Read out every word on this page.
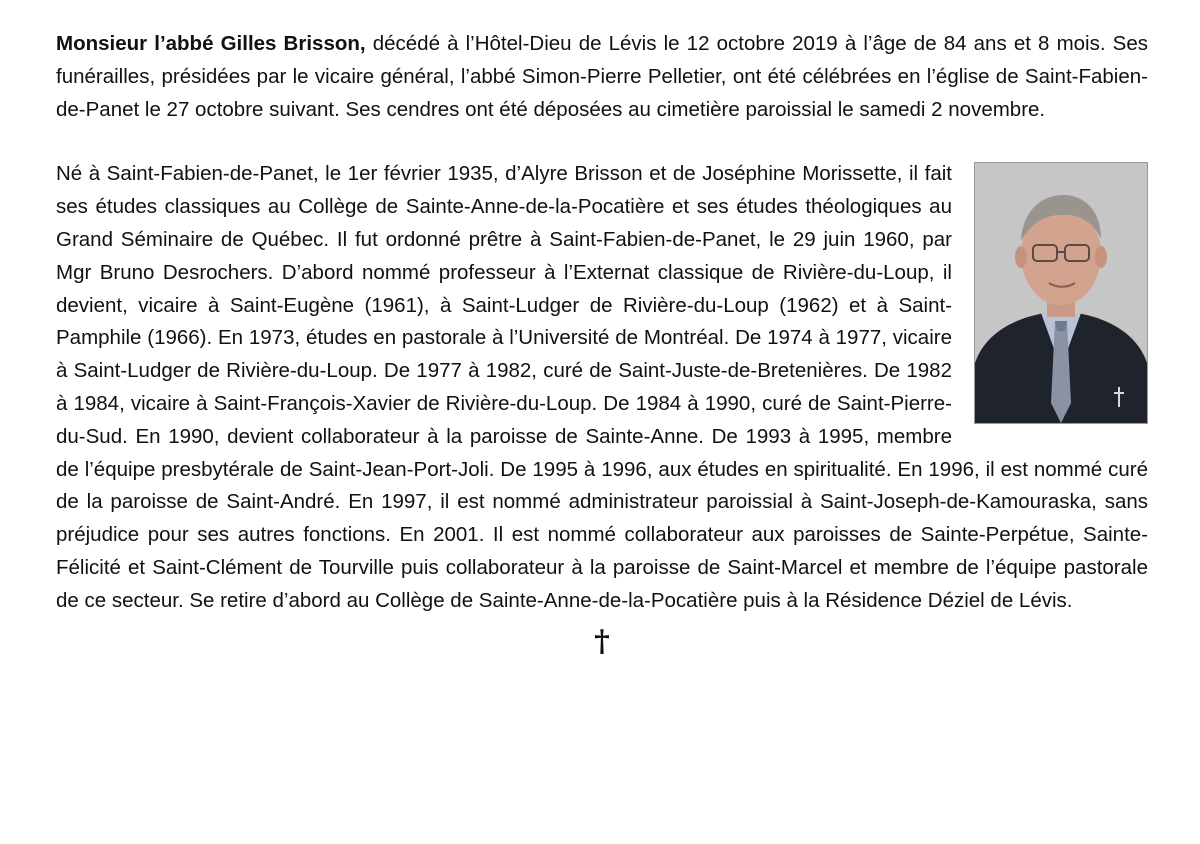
Monsieur l’abbé Gilles Brisson, décédé à l’Hôtel-Dieu de Lévis le 12 octobre 2019 à l’âge de 84 ans et 8 mois. Ses funérailles, présidées par le vicaire général, l’abbé Simon-Pierre Pelletier, ont été célébrées en l’église de Saint-Fabien-de-Panet le 27 octobre suivant. Ses cendres ont été déposées au cimetière paroissial le samedi 2 novembre.

Né à Saint-Fabien-de-Panet, le 1er février 1935, d’Alyre Brisson et de Joséphine Morissette, il fait ses études classiques au Collège de Sainte-Anne-de-la-Pocatière et ses études théologiques au Grand Séminaire de Québec. Il fut ordonné prêtre à Saint-Fabien-de-Panet, le 29 juin 1960, par Mgr Bruno Desrochers. D’abord nommé professeur à l’Externat classique de Rivière-du-Loup, il devient, vicaire à Saint-Eugène (1961), à Saint-Ludger de Rivière-du-Loup (1962) et à Saint-Pamphile (1966). En 1973, études en pastorale à l’Université de Montréal. De 1974 à 1977, vicaire à Saint-Ludger de Rivière-du-Loup. De 1977 à 1982, curé de Saint-Juste-de-Bretenières. De 1982 à 1984, vicaire à Saint-François-Xavier de Rivière-du-Loup. De 1984 à 1990, curé de Saint-Pierre-du-Sud. En 1990, devient collaborateur à la paroisse de Sainte-Anne. De 1993 à 1995, membre de l’équipe presbytérale de Saint-Jean-Port-Joli. De 1995 à 1996, aux études en spiritualité. En 1996, il est nommé curé de la paroisse de Saint-André. En 1997, il est nommé administrateur paroissial à Saint-Joseph-de-Kamouraska, sans préjudice pour ses autres fonctions. En 2001. Il est nommé collaborateur aux paroisses de Sainte-Perpétue, Sainte-Félicité et Saint-Clément de Tourville puis collaborateur à la paroisse de Saint-Marcel et membre de l’équipe pastorale de ce secteur. Se retire d’abord au Collège de Sainte-Anne-de-la-Pocatière puis à la Résidence Déziel de Lévis.
†
